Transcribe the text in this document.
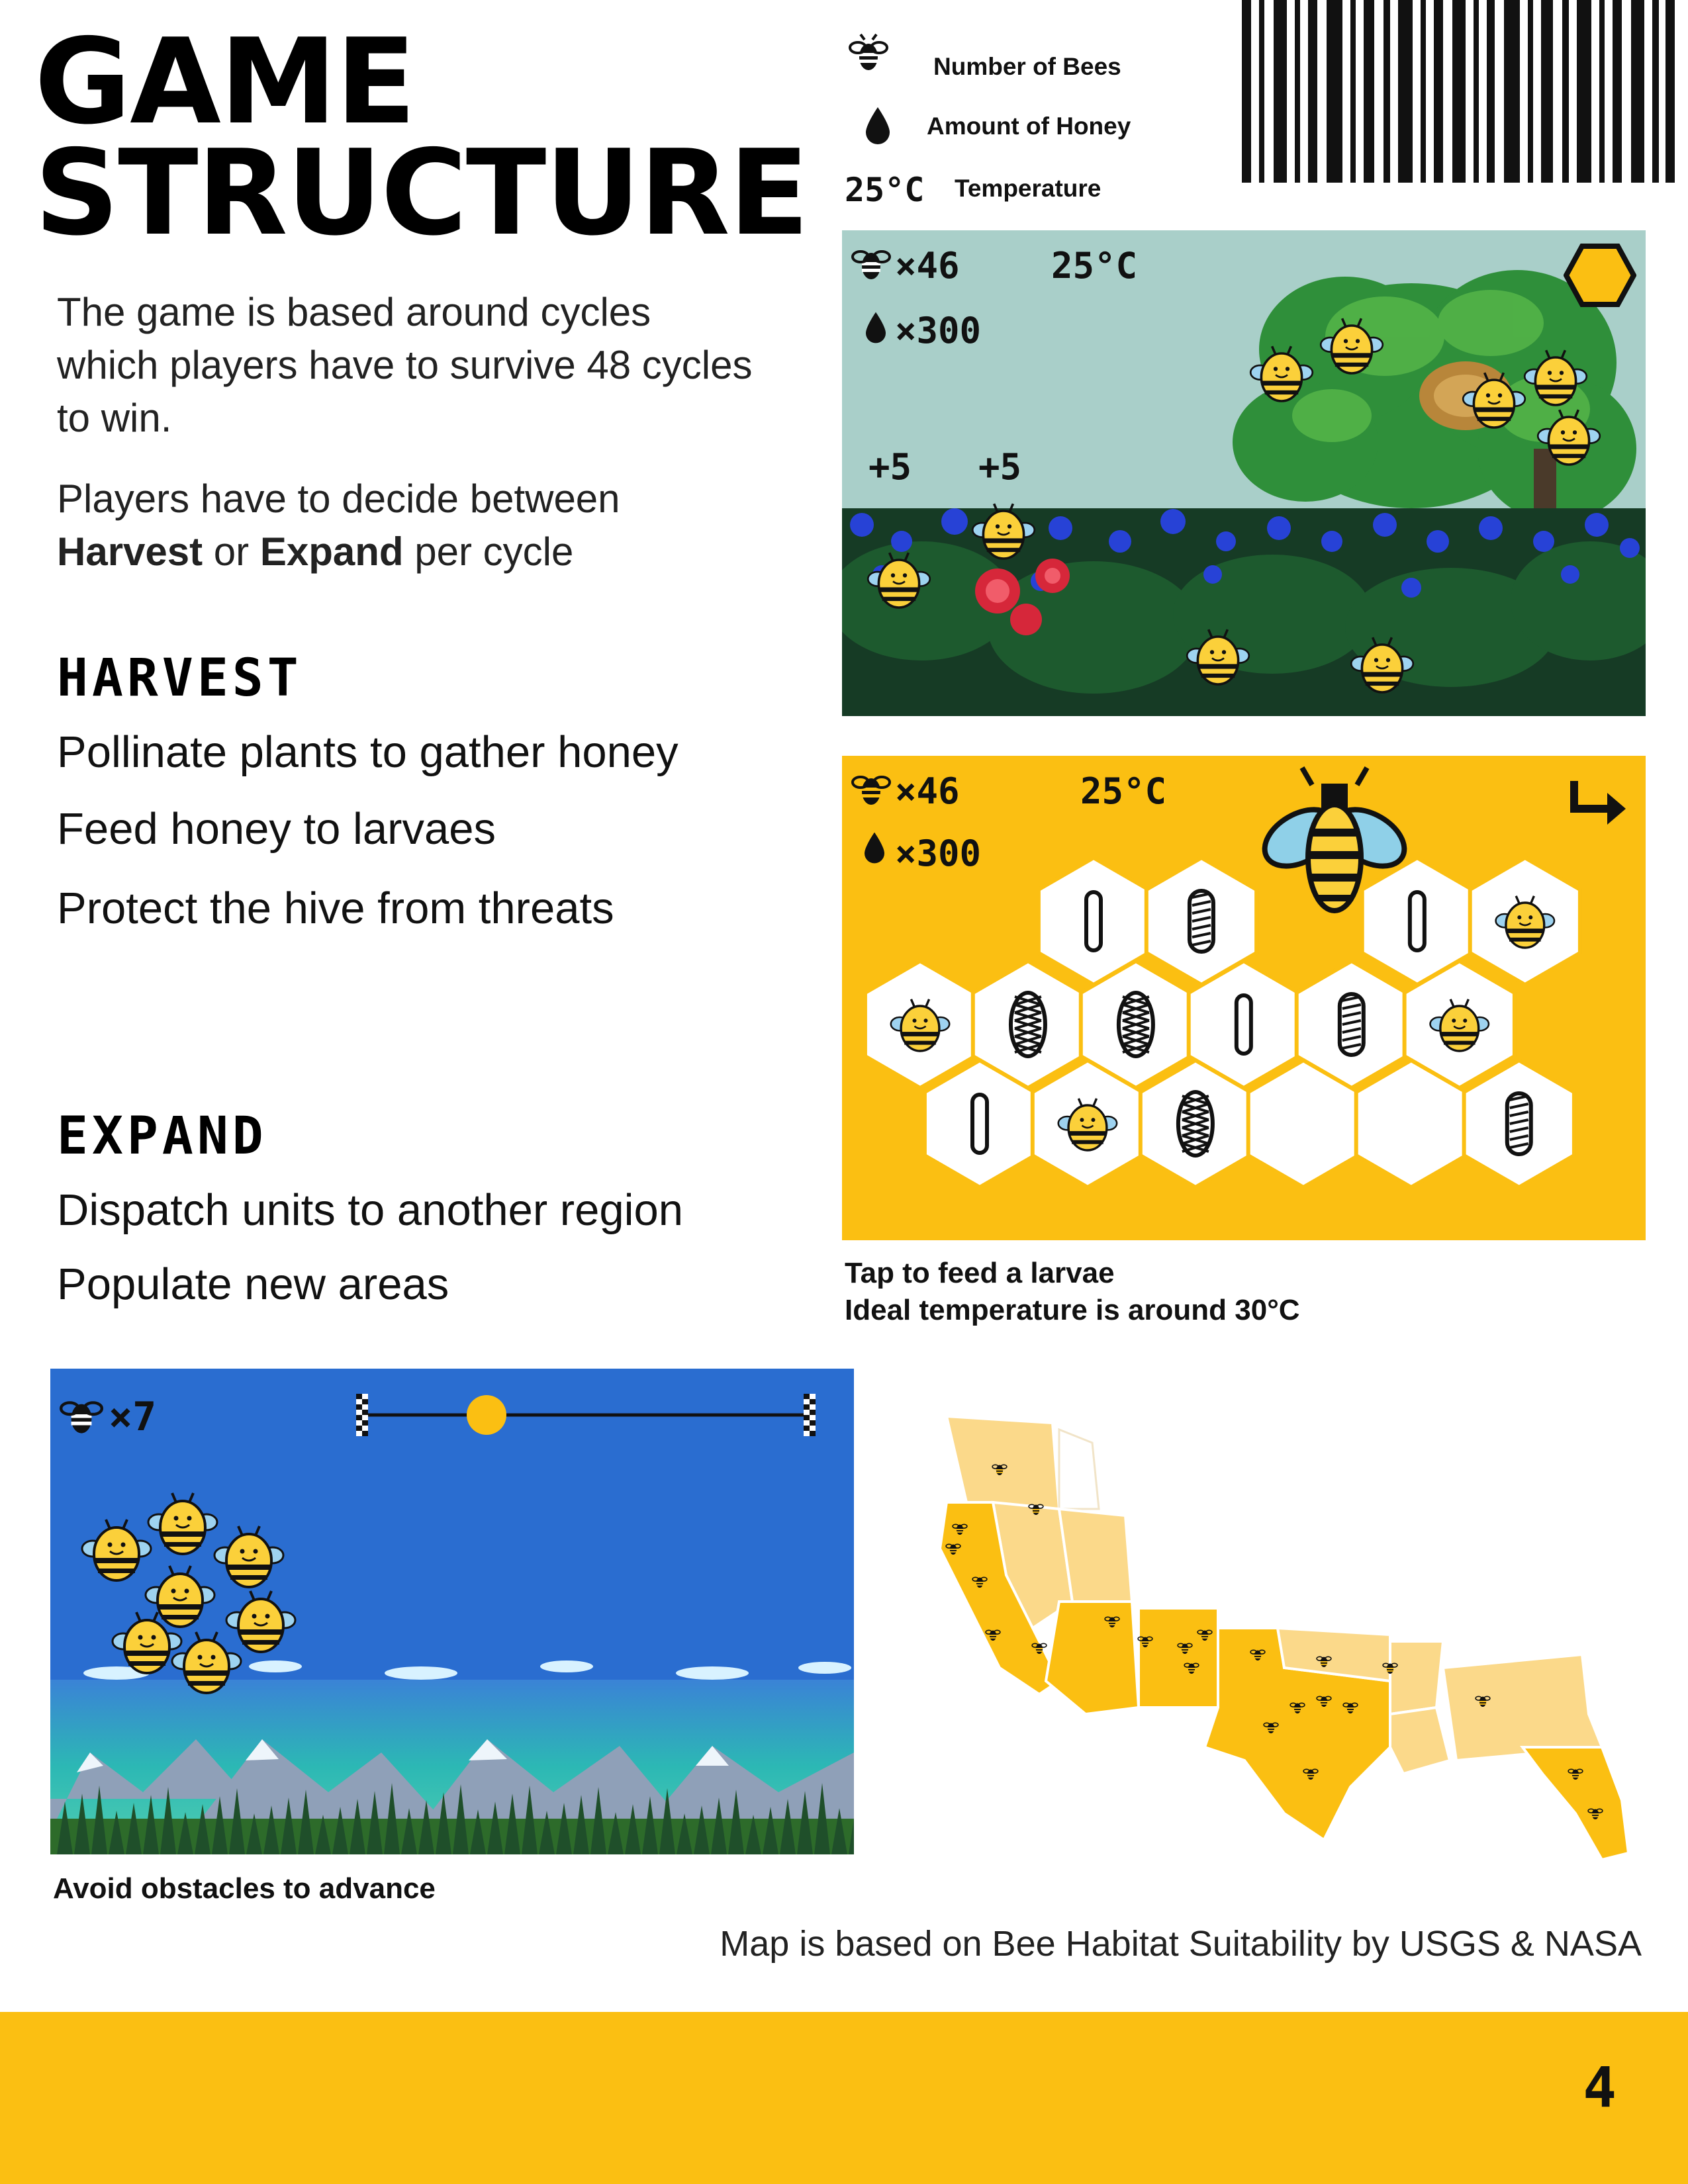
GAME
STRUCTURE
The game is based around cycles
which players have to survive 48 cycles
to win.
Players have to decide between
Harvest or Expand per cycle
HARVEST
Pollinate plants to gather honey
Feed honey to larvaes
Protect the hive from threats
EXPAND
Dispatch units to another region
Populate new areas
Number of Bees
Amount of Honey
25°C Temperature
×46	25°C
×300
+5 +5
×46	25°C
×300
Tap to feed a larvae
Ideal temperature is around 30°C
×7
Avoid obstacles to advance
Map is based on Bee Habitat Suitability by USGS & NASA
4
